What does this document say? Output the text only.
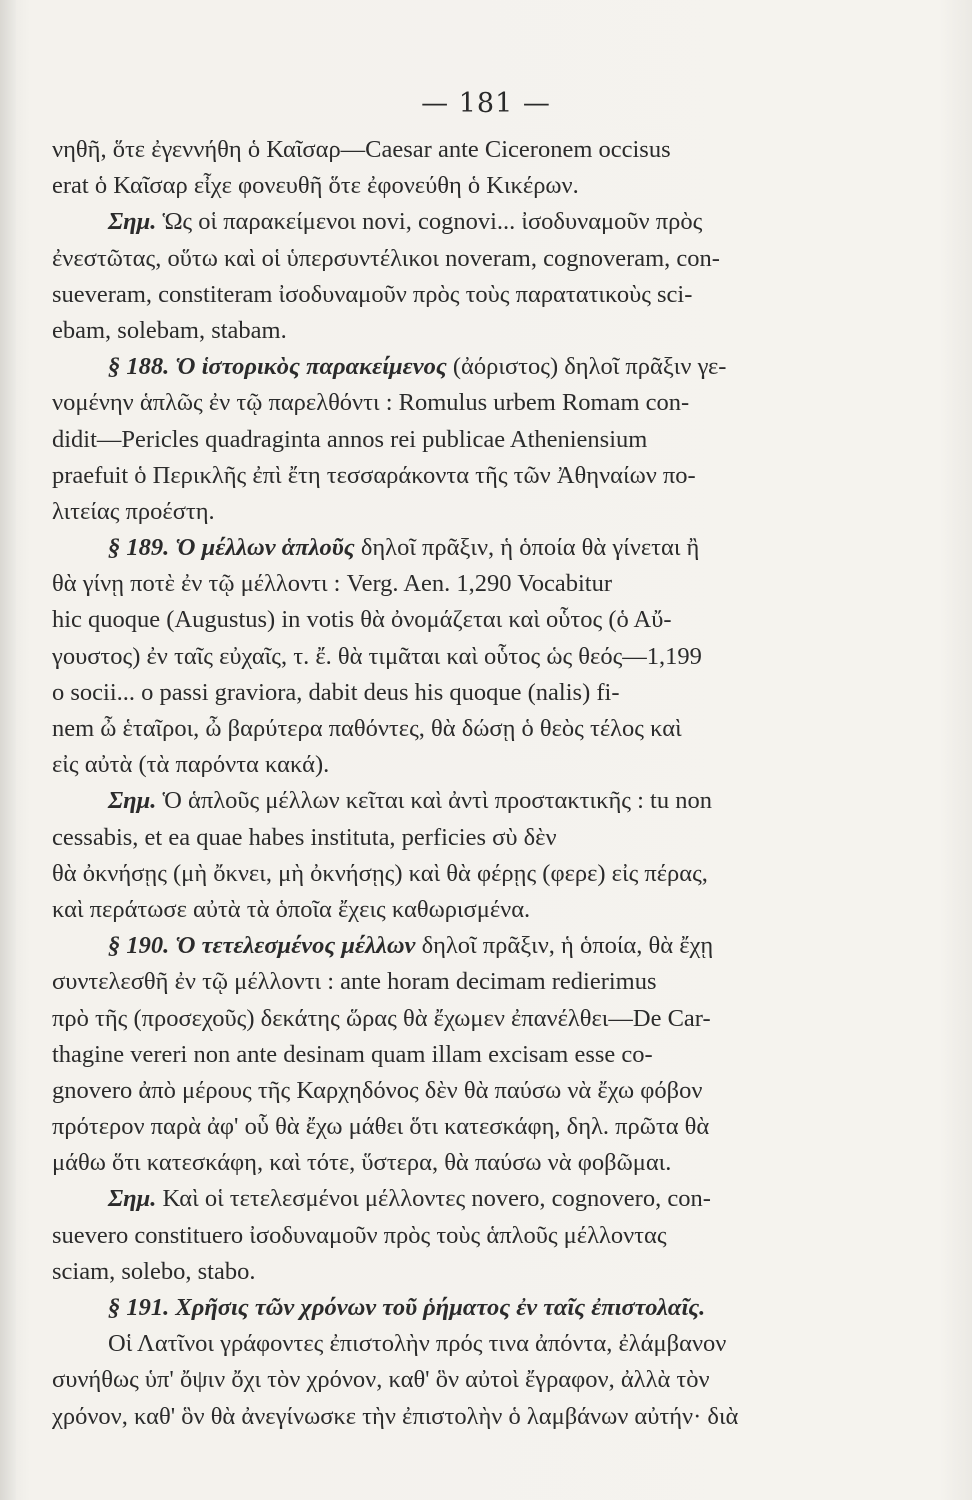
— 181 —
νηθῆ, ὅτε ἐγεννήθη ὁ Καῖσαρ—Caesar ante Ciceronem occisus
erat ὁ Καῖσαρ εἶχε φονευθῆ ὅτε ἐφονεύθη ὁ Κικέρων.
Σημ. Ὡς οἱ παρακείμενοι novi, cognovi... ἰσοδυναμοῦν πρὸς
ἐνεστῶτας, οὕτω καὶ οἱ ὑπερσυντέλικοι noveram, cognoveram, con-
sueveram, constiteram ἰσοδυναμοῦν πρὸς τοὺς παρατατικοὺς sci-
ebam, solebam, stabam.
§ 188. Ὁ ἱστορικὸς παρακείμενος (ἀόριστος) δηλοῖ πρᾶξιν γε-
νομένην ἁπλῶς ἐν τῷ παρελθόντι : Romulus urbem Romam con-
didit—Pericles quadraginta annos rei publicae Atheniensium
praefuit ὁ Περικλῆς ἐπὶ ἔτη τεσσαράκοντα τῆς τῶν Ἀθηναίων πο-
λιτείας προέστη.
§ 189. Ὁ μέλλων ἁπλοῦς δηλοῖ πρᾶξιν, ἡ ὁποία θὰ γίνεται ἢ
θὰ γίνῃ ποτὲ ἐν τῷ μέλλοντι : Verg. Aen. 1,290 Vocabitur
hic quoque (Augustus) in votis θὰ ὀνομάζεται καὶ οὗτος (ὁ Αὔ-
γουστος) ἐν ταῖς εὐχαῖς, τ. ἔ. θὰ τιμᾶται καὶ οὗτος ὡς θεός—1,199
o socii... o passi graviora, dabit deus his quoque (nalis) fi-
nem ὦ ἑταῖροι, ὦ βαρύτερα παθόντες, θὰ δώσῃ ὁ θεὸς τέλος καὶ
εἰς αὐτὰ (τὰ παρόντα κακά).
Σημ. Ὁ ἁπλοῦς μέλλων κεῖται καὶ ἀντὶ προστακτικῆς : tu non
cessabis, et ea quae habes instituta, perficies σὺ δὲν
θὰ ὀκνήσῃς (μὴ ὄκνει, μὴ ὀκνήσῃς) καὶ θὰ φέρῃς (φερε) εἰς πέρας,
καὶ περάτωσε αὐτὰ τὰ ὁποῖα ἔχεις καθωρισμένα.
§ 190. Ὁ τετελεσμένος μέλλων δηλοῖ πρᾶξιν, ἡ ὁποία, θὰ ἔχῃ
συντελεσθῆ ἐν τῷ μέλλοντι : ante horam decimam redierimus
πρὸ τῆς (προσεχοῦς) δεκάτης ὥρας θὰ ἔχωμεν ἐπανέλθει—De Car-
thagine vereri non ante desinam quam illam excisam esse co-
gnovero ἀπὸ μέρους τῆς Καρχηδόνος δὲν θὰ παύσω νὰ ἔχω φόβον
πρότερον παρὰ ἀφ' οὗ θὰ ἔχω μάθει ὅτι κατεσκάφη, δηλ. πρῶτα θὰ
μάθω ὅτι κατεσκάφη, καὶ τότε, ὕστερα, θὰ παύσω νὰ φοβῶμαι.
Σημ. Καὶ οἱ τετελεσμένοι μέλλοντες novero, cognovero, con-
suevero constituero ἰσοδυναμοῦν πρὸς τοὺς ἁπλοῦς μέλλοντας
sciam, solebo, stabo.
§ 191. Χρῆσις τῶν χρόνων τοῦ ῥήματος ἐν ταῖς ἐπιστολαῖς.
Οἱ Λατῖνοι γράφοντες ἐπιστολὴν πρός τινα ἀπόντα, ἐλάμβανον
συνήθως ὑπ' ὄψιν ὄχι τὸν χρόνον, καθ' ὃν αὐτοὶ ἔγραφον, ἀλλὰ τὸν
χρόνον, καθ' ὃν θὰ ἀνεγίνωσκε τὴν ἐπιστολὴν ὁ λαμβάνων αὐτήν· διὰ
